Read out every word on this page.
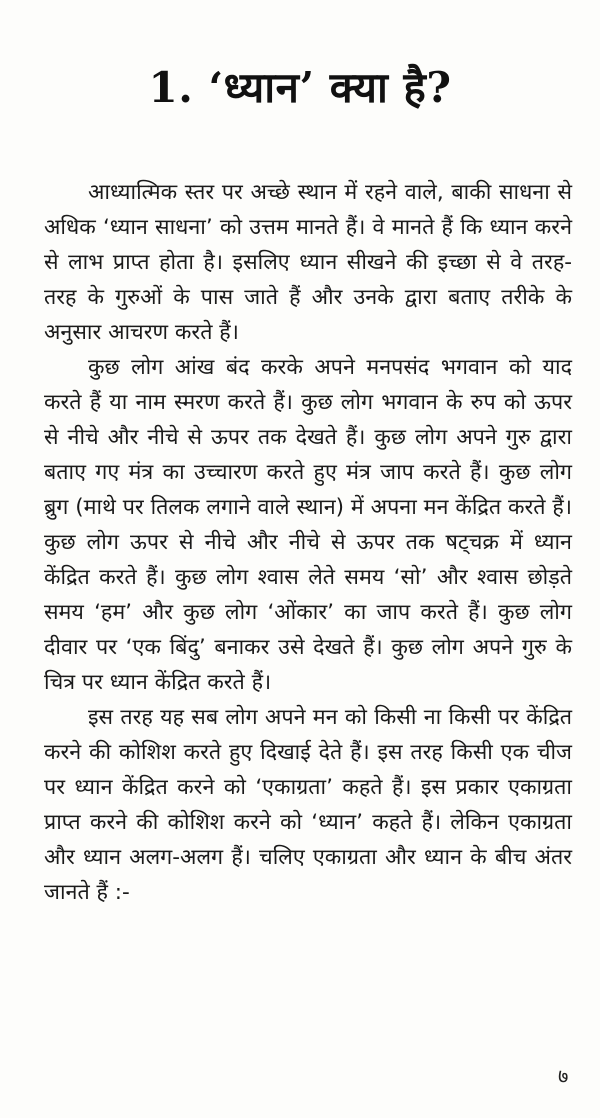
1. ‘ध्यान’ क्या है?

आध्यात्मिक स्तर पर अच्छे स्थान में रहने वाले, बाकी साधना से अधिक ‘ध्यान साधना’ को उत्तम मानते हैं। वे मानते हैं कि ध्यान करने से लाभ प्राप्त होता है। इसलिए ध्यान सीखने की इच्छा से वे तरह-तरह के गुरुओं के पास जाते हैं और उनके द्वारा बताए तरीके के अनुसार आचरण करते हैं।

कुछ लोग आंख बंद करके अपने मनपसंद भगवान को याद करते हैं या नाम स्मरण करते हैं। कुछ लोग भगवान के रुप को ऊपर से नीचे और नीचे से ऊपर तक देखते हैं। कुछ लोग अपने गुरु द्वारा बताए गए मंत्र का उच्चारण करते हुए मंत्र जाप करते हैं। कुछ लोग ब्रुग (माथे पर तिलक लगाने वाले स्थान) में अपना मन केंद्रित करते हैं। कुछ लोग ऊपर से नीचे और नीचे से ऊपर तक षट्चक्र में ध्यान केंद्रित करते हैं। कुछ लोग श्वास लेते समय ‘सो’ और श्वास छोड़ते समय ‘हम’ और कुछ लोग ‘ओंकार’ का जाप करते हैं। कुछ लोग दीवार पर ‘एक बिंदु’ बनाकर उसे देखते हैं। कुछ लोग अपने गुरु के चित्र पर ध्यान केंद्रित करते हैं।

इस तरह यह सब लोग अपने मन को किसी ना किसी पर केंद्रित करने की कोशिश करते हुए दिखाई देते हैं। इस तरह किसी एक चीज पर ध्यान केंद्रित करने को ‘एकाग्रता’ कहते हैं। इस प्रकार एकाग्रता प्राप्त करने की कोशिश करने को ‘ध्यान’ कहते हैं। लेकिन एकाग्रता और ध्यान अलग-अलग हैं। चलिए एकाग्रता और ध्यान के बीच अंतर जानते हैं :-

७
